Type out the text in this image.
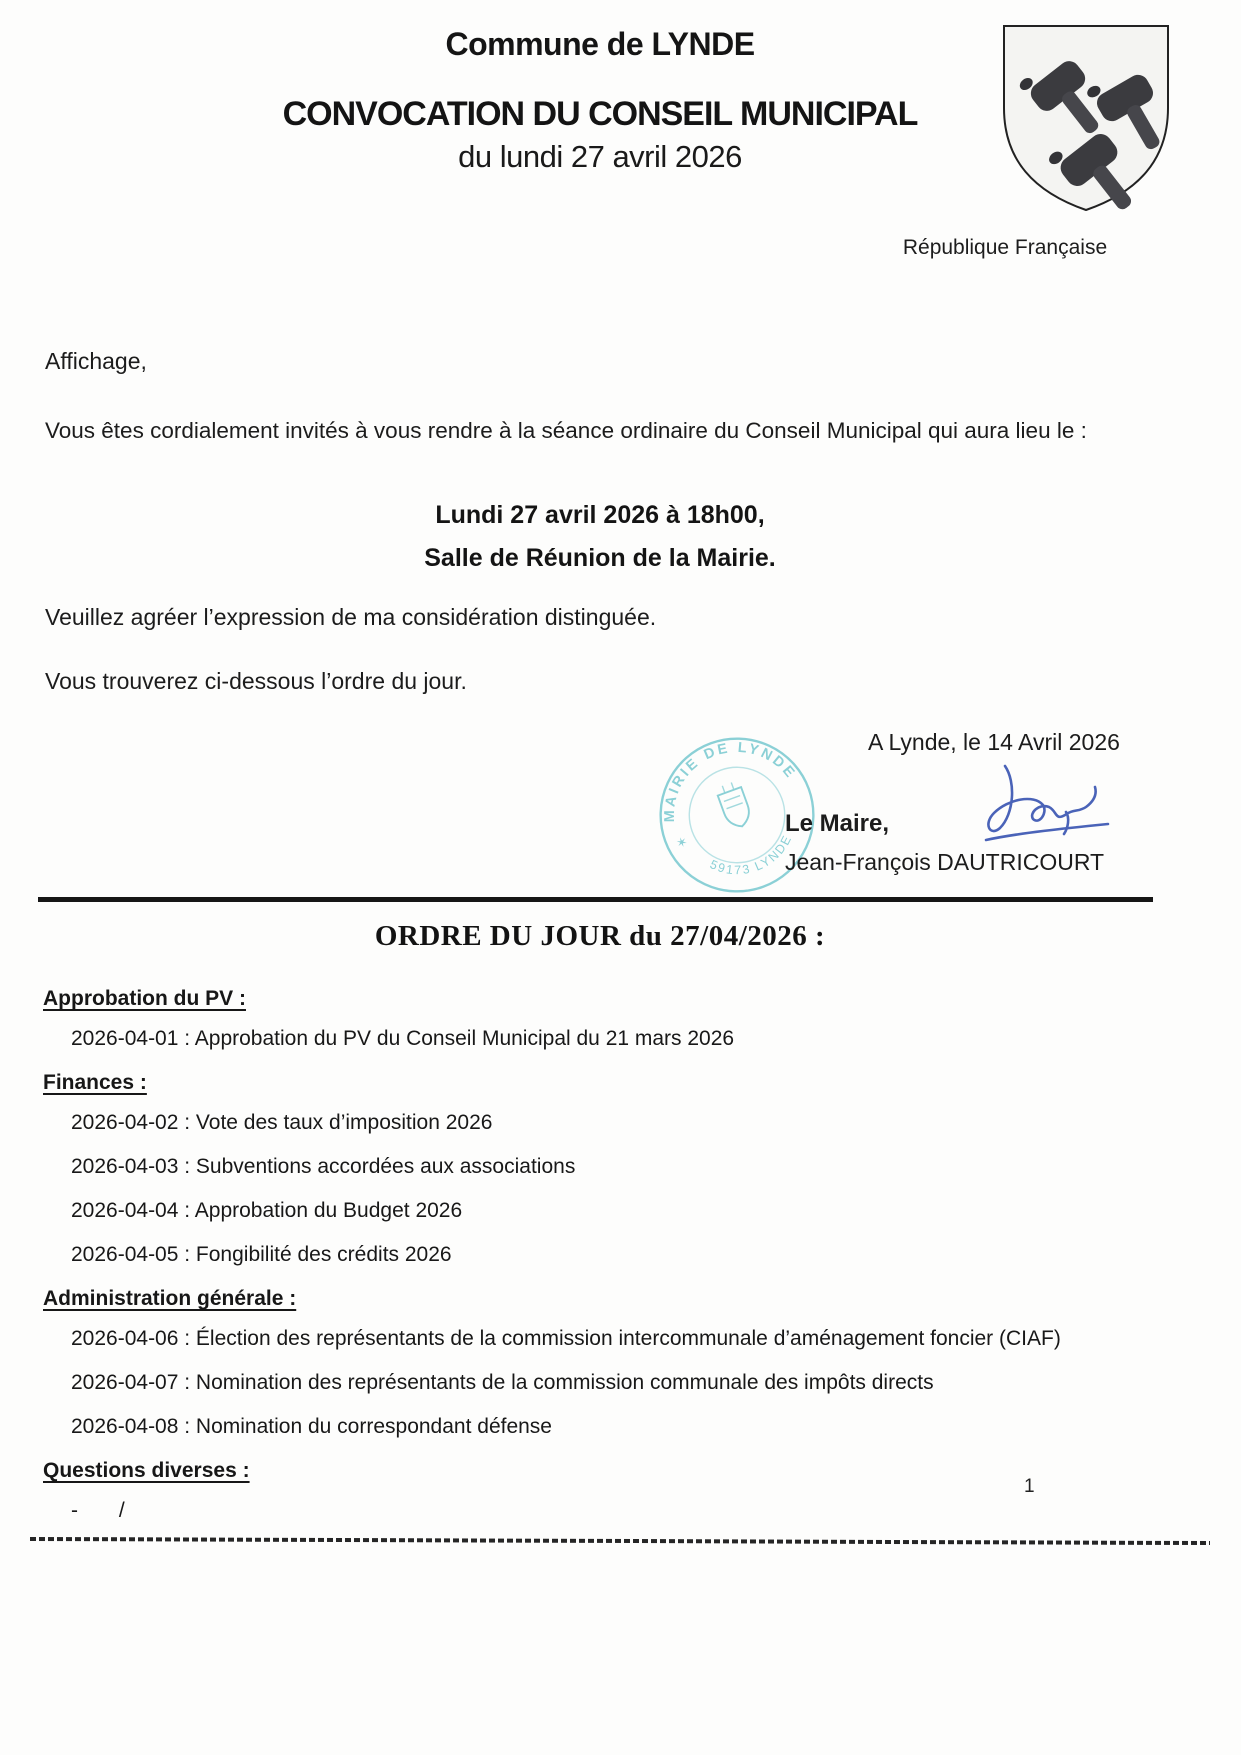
Commune de LYNDE
CONVOCATION DU CONSEIL MUNICIPAL
du lundi 27 avril 2026
République Française
Affichage,
Vous êtes cordialement invités à vous rendre à la séance ordinaire du Conseil Municipal qui aura lieu le :
Lundi 27 avril 2026 à 18h00,
Salle de Réunion de la Mairie.
Veuillez agréer l’expression de ma considération distinguée.
Vous trouverez ci-dessous l’ordre du jour.
A Lynde, le 14 Avril 2026
MAIRIE DE LYNDE
59173 LYNDE
✶
Le Maire,
Jean-François DAUTRICOURT
ORDRE DU JOUR du 27/04/2026 :
Approbation du PV :
2026-04-01 : Approbation du PV du Conseil Municipal du 21 mars 2026
Finances :
2026-04-02 : Vote des taux d’imposition 2026
2026-04-03 : Subventions accordées aux associations
2026-04-04 : Approbation du Budget 2026
2026-04-05 : Fongibilité des crédits 2026
Administration générale :
2026-04-06 : Élection des représentants de la commission intercommunale d’aménagement foncier (CIAF)
2026-04-07 : Nomination des représentants de la commission communale des impôts directs
2026-04-08 : Nomination du correspondant défense
Questions diverses :
-       /
1
